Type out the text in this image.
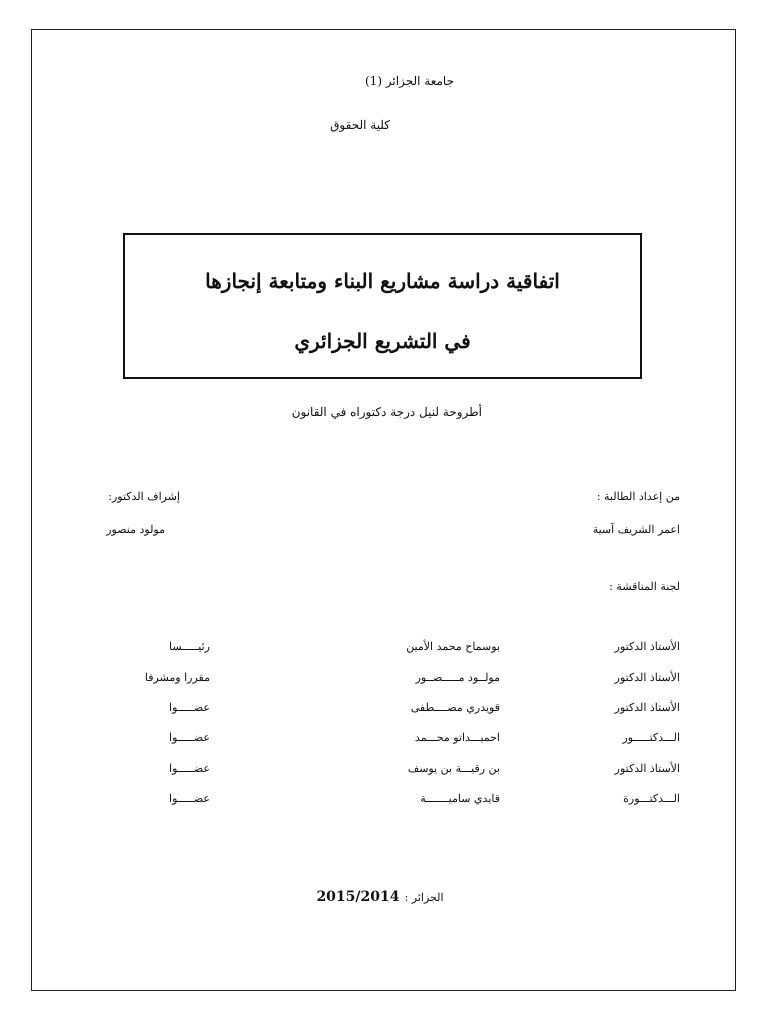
جامعة الجزائر (1)
كلية الحقوق
اتفاقية دراسة مشاريع البناء ومتابعة إنجازها
في التشريع الجزائري
أطروحة لنيل درجة دكتوراه في القانون
من إعداد الطالبة :
اعمر الشريف آسية
إشراف الدكتور:
مولود منصور
لجنة المناقشة :
الأستاذ الدكتور
بوسماح محمد الأمين
رئيـــــسا
الأستاذ الدكتور
مولــود مـــــصــور
مقررا ومشرفا
الأستاذ الدكتور
قويدري مصــــطفى
عضـــــوا
الـــدكتـــــور
احميـــداتو محـــمد
عضـــــوا
الأستاذ الدكتور
بن رقيـــة بن يوسف
عضـــــوا
الـــدكتـــورة
قايدي ساميـــــــة
عضـــــوا
2015/2014 الجزائر :
